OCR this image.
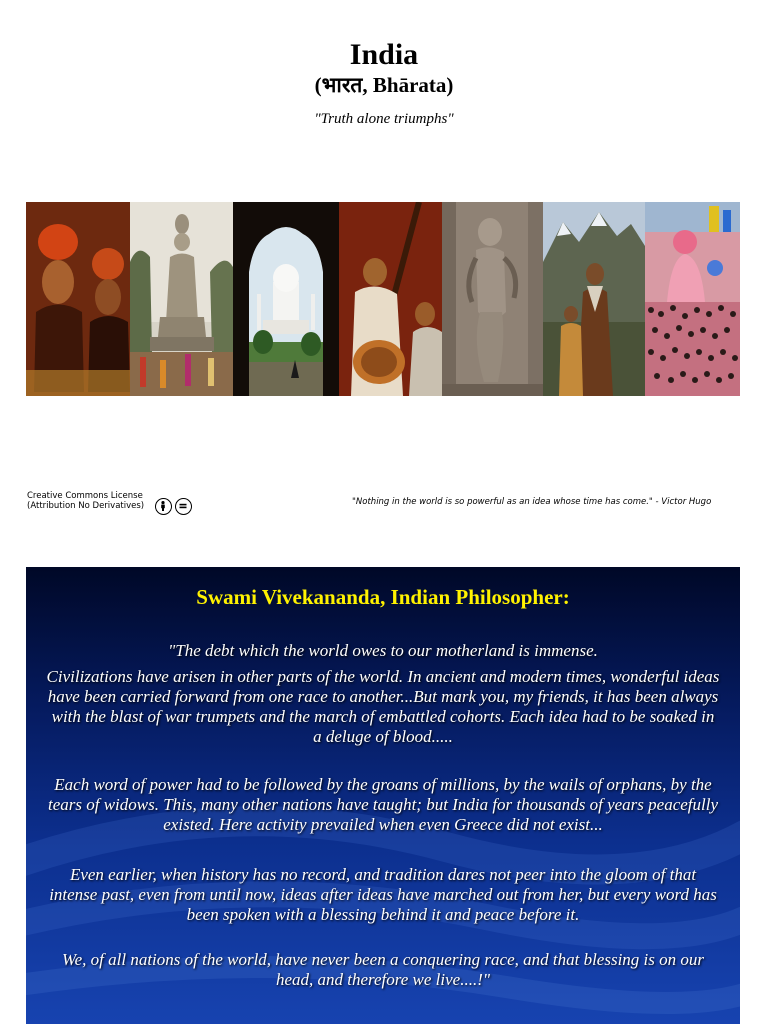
India
(भारत, Bhārata)
"Truth alone triumphs"
Creative Commons License
(Attribution No Derivatives)	"Nothing in the world is so powerful as an idea whose time has come." - Victor Hugo
Swami Vivekananda, Indian Philosopher:
"The debt which the world owes to our motherland is immense.
Civilizations have arisen in other parts of the world. In ancient and modern times, wonderful ideas have been carried forward from one race to another...But mark you, my friends, it has been always with the blast of war trumpets and the march of embattled cohorts. Each idea had to be soaked in a deluge of blood.....
Each word of power had to be followed by the groans of millions, by the wails of orphans, by the tears of widows. This, many other nations have taught; but India for thousands of years peacefully existed. Here activity prevailed when even Greece did not exist...
Even earlier, when history has no record, and tradition dares not peer into the gloom of that intense past, even from until now, ideas after ideas have marched out from her, but every word has been spoken with a blessing behind it and peace before it.
We, of all nations of the world, have never been a conquering race, and that blessing is on our head, and therefore we live....!"
